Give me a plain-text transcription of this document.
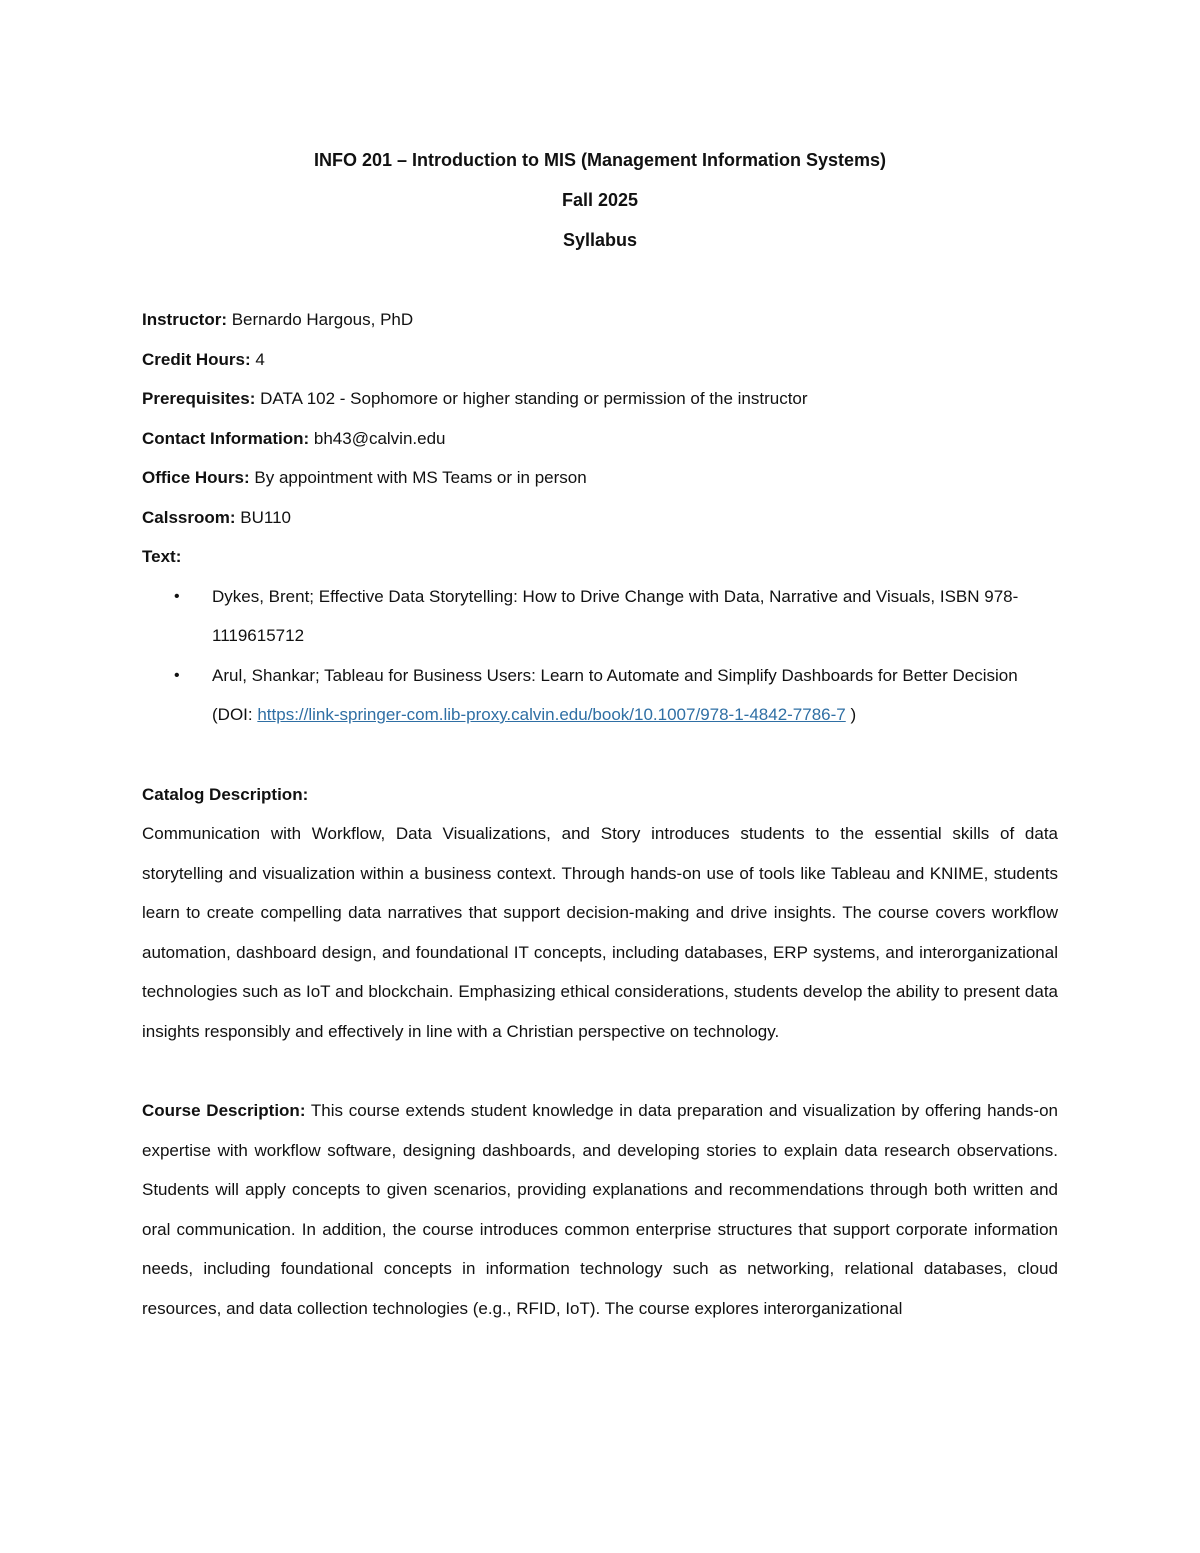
INFO 201 – Introduction to MIS (Management Information Systems)
Fall 2025
Syllabus
Instructor: Bernardo Hargous, PhD
Credit Hours: 4
Prerequisites: DATA 102 - Sophomore or higher standing or permission of the instructor
Contact Information: bh43@calvin.edu
Office Hours: By appointment with MS Teams or in person
Calssroom: BU110
Text:
• Dykes, Brent; Effective Data Storytelling: How to Drive Change with Data, Narrative and Visuals, ISBN 978-1119615712
• Arul, Shankar; Tableau for Business Users: Learn to Automate and Simplify Dashboards for Better Decision (DOI: https://link-springer-com.lib-proxy.calvin.edu/book/10.1007/978-1-4842-7786-7 )
Catalog Description:
Communication with Workflow, Data Visualizations, and Story introduces students to the essential skills of data storytelling and visualization within a business context. Through hands-on use of tools like Tableau and KNIME, students learn to create compelling data narratives that support decision-making and drive insights. The course covers workflow automation, dashboard design, and foundational IT concepts, including databases, ERP systems, and interorganizational technologies such as IoT and blockchain. Emphasizing ethical considerations, students develop the ability to present data insights responsibly and effectively in line with a Christian perspective on technology.
Course Description: This course extends student knowledge in data preparation and visualization by offering hands-on expertise with workflow software, designing dashboards, and developing stories to explain data research observations. Students will apply concepts to given scenarios, providing explanations and recommendations through both written and oral communication. In addition, the course introduces common enterprise structures that support corporate information needs, including foundational concepts in information technology such as networking, relational databases, cloud resources, and data collection technologies (e.g., RFID, IoT). The course explores interorganizational
